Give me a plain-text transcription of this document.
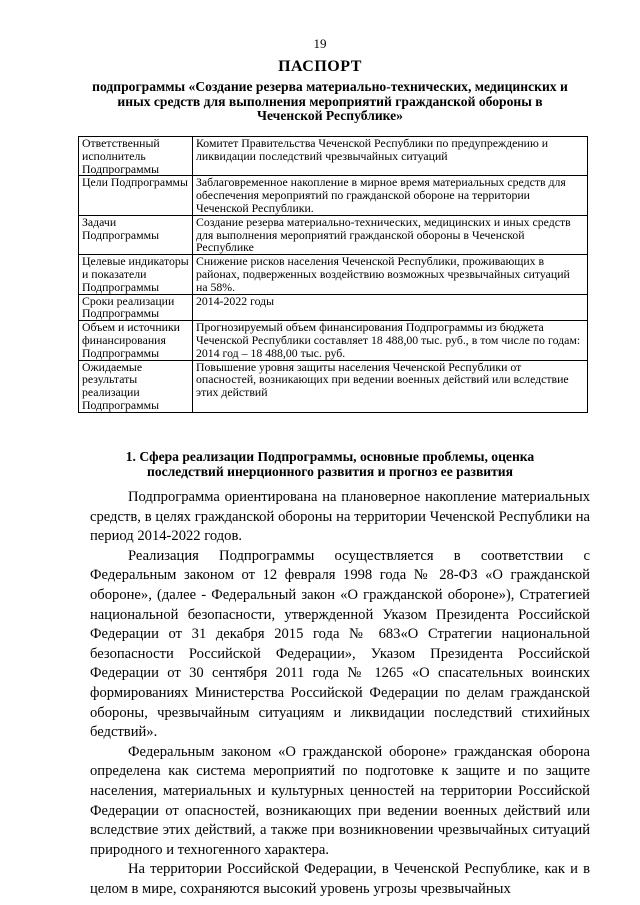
19
ПАСПОРТ
подпрограммы «Создание резерва материально-технических, медицинских и иных средств для выполнения мероприятий гражданской обороны в Чеченской Республике»
Ответственный исполнитель Подпрограммы	Комитет Правительства Чеченской Республики по предупреждению и ликвидации последствий чрезвычайных ситуаций
Цели Подпрограммы	Заблаговременное накопление в мирное время материальных средств для обеспечения мероприятий по гражданской обороне на территории Чеченской Республики.
Задачи Подпрограммы	Создание резерва материально-технических, медицинских и иных средств для выполнения мероприятий гражданской обороны в Чеченской Республике
Целевые индикаторы и показатели Подпрограммы	Снижение рисков населения Чеченской Республики, проживающих в районах, подверженных воздействию возможных чрезвычайных ситуаций на 58%.
Сроки реализации Подпрограммы	2014-2022 годы
Объем и источники финансирования Подпрограммы	Прогнозируемый объем финансирования Подпрограммы из бюджета Чеченской Республики составляет 18 488,00 тыс. руб., в том числе по годам:
2014 год – 18 488,00 тыс. руб.

Ожидаемые результаты реализации Подпрограммы	Повышение уровня защиты населения Чеченской Республики от опасностей, возникающих при ведении военных действий или вследствие этих действий
1. Сфера реализации Подпрограммы, основные проблемы, оценка последствий инерционного развития и прогноз ее развития

Подпрограмма ориентирована на плановерное накопление материальных средств, в целях гражданской обороны на территории Чеченской Республики на период 2014-2022 годов.

Реализация Подпрограммы осуществляется в соответствии с Федеральным законом от 12 февраля 1998 года № 28-ФЗ «О гражданской обороне», (далее - Федеральный закон «О гражданской обороне»), Стратегией национальной безопасности, утвержденной Указом Президента Российской Федерации от 31 декабря 2015 года № 683«О Стратегии национальной безопасности Российской Федерации», Указом Президента Российской Федерации от 30 сентября 2011 года № 1265 «О спасательных воинских формированиях Министерства Российской Федерации по делам гражданской обороны, чрезвычайным ситуациям и ликвидации последствий стихийных бедствий».

Федеральным законом «О гражданской обороне» гражданская оборона определена как система мероприятий по подготовке к защите и по защите населения, материальных и культурных ценностей на территории Российской Федерации от опасностей, возникающих при ведении военных действий или вследствие этих действий, а также при возникновении чрезвычайных ситуаций природного и техногенного характера.

На территории Российской Федерации, в Чеченской Республике, как и в целом в мире, сохраняются высокий уровень угрозы чрезвычайных
